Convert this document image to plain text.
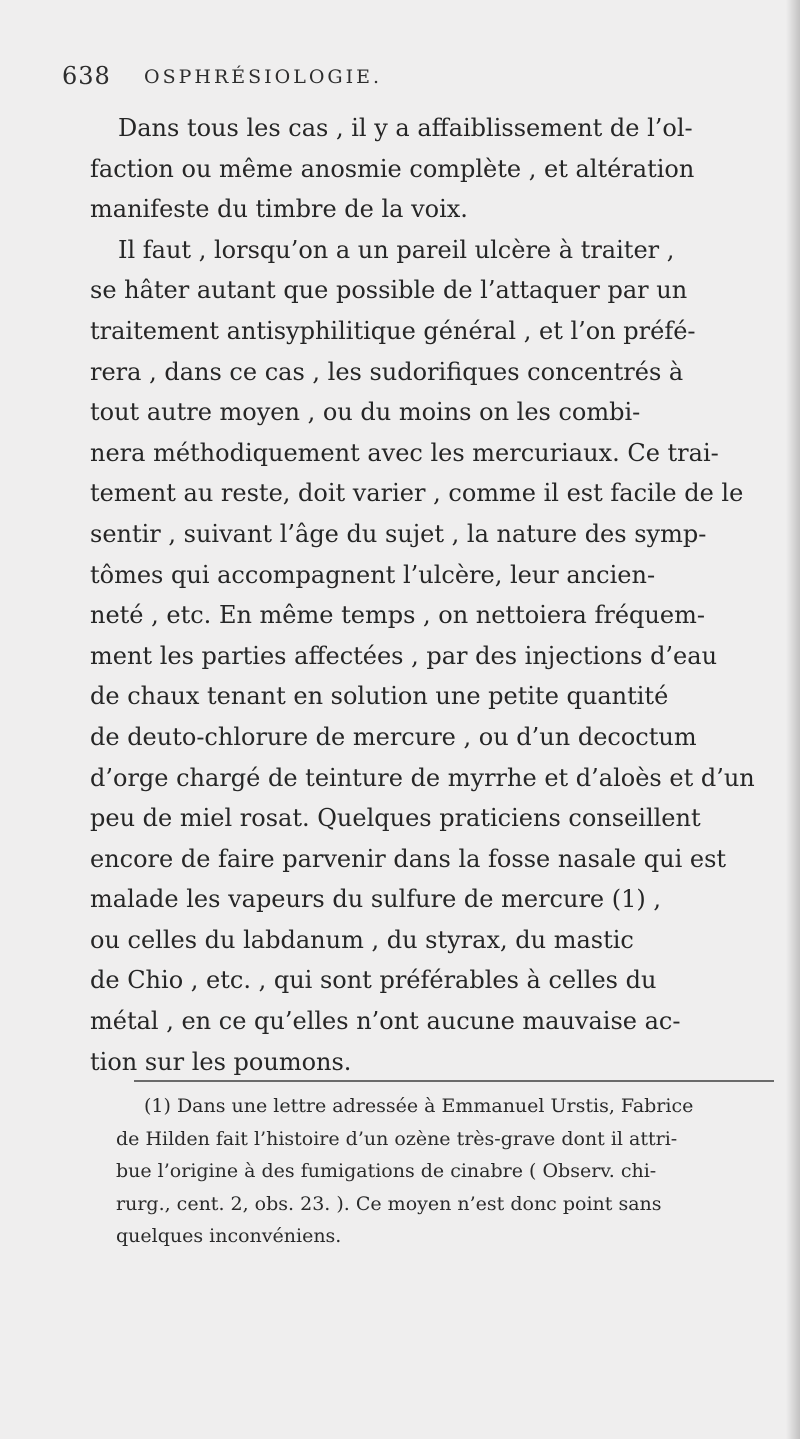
638 OSPHRÉSIOLOGIE.
Dans tous les cas , il y a affaiblissement de l’ol-
faction ou même anosmie complète , et altération
manifeste du timbre de la voix.
Il faut , lorsqu’on a un pareil ulcère à traiter ,
se hâter autant que possible de l’attaquer par un
traitement antisyphilitique général , et l’on préfé-
rera , dans ce cas , les sudorifiques concentrés à
tout autre moyen , ou du moins on les combi-
nera méthodiquement avec les mercuriaux. Ce trai-
tement au reste, doit varier , comme il est facile de le
sentir , suivant l’âge du sujet , la nature des symp-
tômes qui accompagnent l’ulcère, leur ancien-
neté , etc. En même temps , on nettoiera fréquem-
ment les parties affectées , par des injections d’eau
de chaux tenant en solution une petite quantité
de deuto-chlorure de mercure , ou d’un decoctum
d’orge chargé de teinture de myrrhe et d’aloès et d’un
peu de miel rosat. Quelques praticiens conseillent
encore de faire parvenir dans la fosse nasale qui est
malade les vapeurs du sulfure de mercure (1) ,
ou celles du labdanum , du styrax, du mastic
de Chio , etc. , qui sont préférables à celles du
métal , en ce qu’elles n’ont aucune mauvaise ac-
tion sur les poumons.
(1) Dans une lettre adressée à Emmanuel Urstis, Fabrice
de Hilden fait l’histoire d’un ozène très-grave dont il attri-
bue l’origine à des fumigations de cinabre ( Observ. chi-
rurg., cent. 2, obs. 23. ). Ce moyen n’est donc point sans
quelques inconvéniens.
